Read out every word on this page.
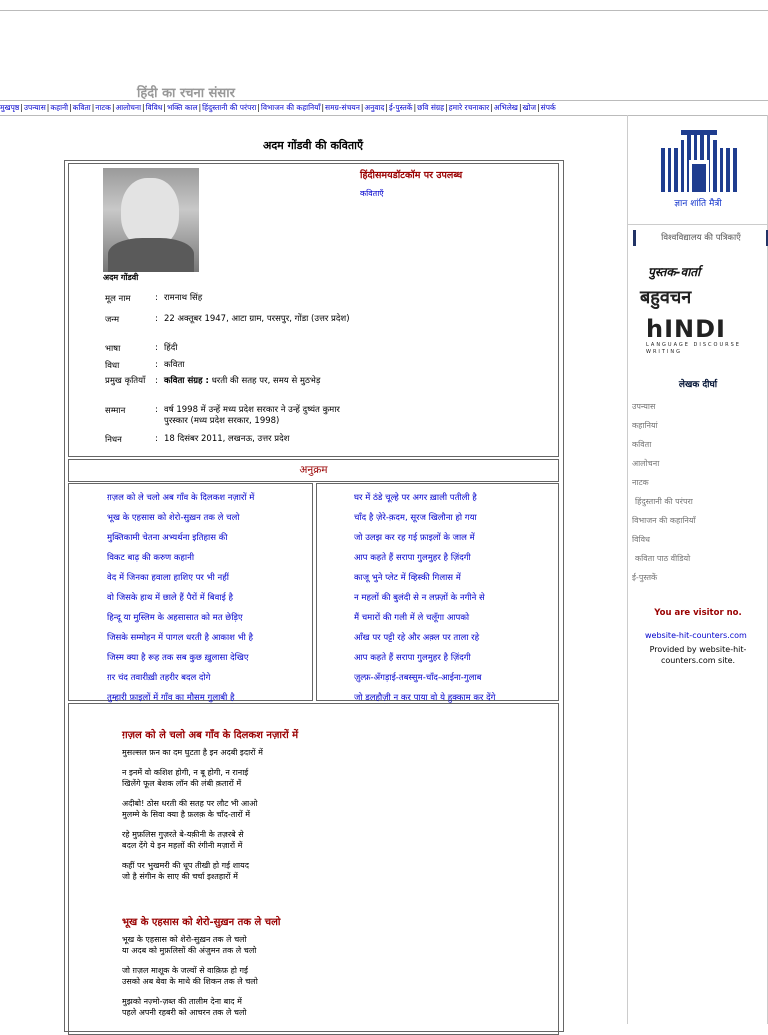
हिंदी का रचना संसार
मुखपृष्ठ|उपन्यास|कहानी|कविता|नाटक|आलोचना|विविध|भक्ति काल|हिंदुस्तानी की परंपरा|विभाजन की कहानियाँ|समग्र-संचयन|अनुवाद|ई-पुस्तकें|छवि संग्रह|हमारे रचनाकार|अभिलेख|खोज|संपर्क
अदम गोंडवी की कविताएँ
अदम गोंडवी
हिंदीसमयडॉटकॉम पर उपलब्ध
कविताएँ
मूल नाम	: रामनाथ सिंह
जन्म	: 22 अक्तूबर 1947, आटा ग्राम, परसपुर, गोंडा (उत्तर प्रदेश)
भाषा	: हिंदी
विधा	: कविता
प्रमुख कृतियाँ	: कविता संग्रह : धरती की सतह पर, समय से मुठभेड़
सम्मान	: वर्ष 1998 में उन्हें मध्य प्रदेश सरकार ने उन्हें दुष्यंत कुमार पुरस्कार (मध्य प्रदेश सरकार, 1998)
निधन	: 18 दिसंबर 2011, लखनऊ, उत्तर प्रदेश
अनुक्रम
ग़ज़ल को ले चलो अब गाँव के दिलकश नज़ारों में
भूख के एहसास को शेरो-सुख़न तक ले चलो
मुक्तिकामी चेतना अभ्यर्थना इतिहास की
विकट बाढ़ की करुण कहानी
वेद में जिनका हवाला हाशिए पर भी नहीं
वो जिसके हाथ में छाले हैं पैरों में बिवाई है
हिन्दू या मुस्लिम के अहसासात को मत छेड़िए
जिसके सम्मोहन में पागल धरती है आकाश भी है
जिस्म क्या है रूह तक सब कुछ ख़ुलासा देखिए
ग़र चंद तवारीख़ी तहरीर बदल दोगे
तुम्हारी फ़ाइलों में गाँव का मौसम गुलाबी है
घर में ठंडे चूल्हे पर अगर ख़ाली पतीली है
चाँद है ज़ेरे-क़दम, सूरज खिलौना हो गया
जो उलझ कर रह गई फ़ाइलों के जाल में
आप कहते हैं सरापा गुलमुहर है ज़िंदगी
काजू भुने प्लेट में व्हिस्की गिलास में
न महलों की बुलंदी से न लफ़्ज़ों के नगीने से
मैं चमारों की गली में ले चलूँगा आपको
आँख पर पट्टी रहे और अक़्ल पर ताला रहे
आप कहते हैं सरापा गुलमुहर है ज़िंदगी
ज़ुल्फ़-अँगड़ाई-तबस्सुम-चाँद-आईना-गुलाब
जो डलहौज़ी न कर पाया वो ये हुक्काम कर देंगे
ग़ज़ल को ले चलो अब गाँव के दिलकश नज़ारों में
मुसल्सल फ़न का दम घुटता है इन अदबी इदारों में
न इनमें वो कशिश होगी, न बू होगी, न रानाई
खिलेंगे फूल बेशक लॉन की लंबी क़तारों में
अदीबो! ठोस धरती की सतह पर लौट भी आओ
मुलम्मे के सिवा क्या है फ़लक़ के चाँद-तारों में
रहे मुफ़लिस गुज़रते बे-यक़ीनी के तज़रबे से
बदल देंगे ये इन महलों की रंगीनी मज़ारों में
कहीं पर भुखमरी की धूप तीखी हो गई शायद
जो है संगीन के साए की चर्चा इश्तहारों में
भूख के एहसास को शेरो-सुख़न तक ले चलो
भूख के एहसास को शेरो-सुख़न तक ले चलो
या अदब को मुफ़लिसों की अंजुमन तक ले चलो
जो ग़ज़ल माशूक के जल्वों से वाक़िफ़ हो गई
उसको अब बेवा के माथे की शिकन तक ले चलो
मुझको नज़्मो-ज़ब्त की तालीम देना बाद में
पहले अपनी रहबरी को आचरन तक ले चलो
ज्ञान शांति मैत्री
विश्वविद्यालय की पत्रिकाएँ
पुस्तक-वार्ता
बहुवचन
hINDI
LANGUAGE DISCOURSE WRITING
लेखक दीर्घा
उपन्यास
कहानियां
कविता
आलोचना
नाटक
हिंदुस्तानी की परंपरा
विभाजन की कहानियाँ
विविध
कविता पाठ वीडियो
ई-पुस्तकें
You are visitor no.
website-hit-counters.com
Provided by website-hit-counters.com site.
